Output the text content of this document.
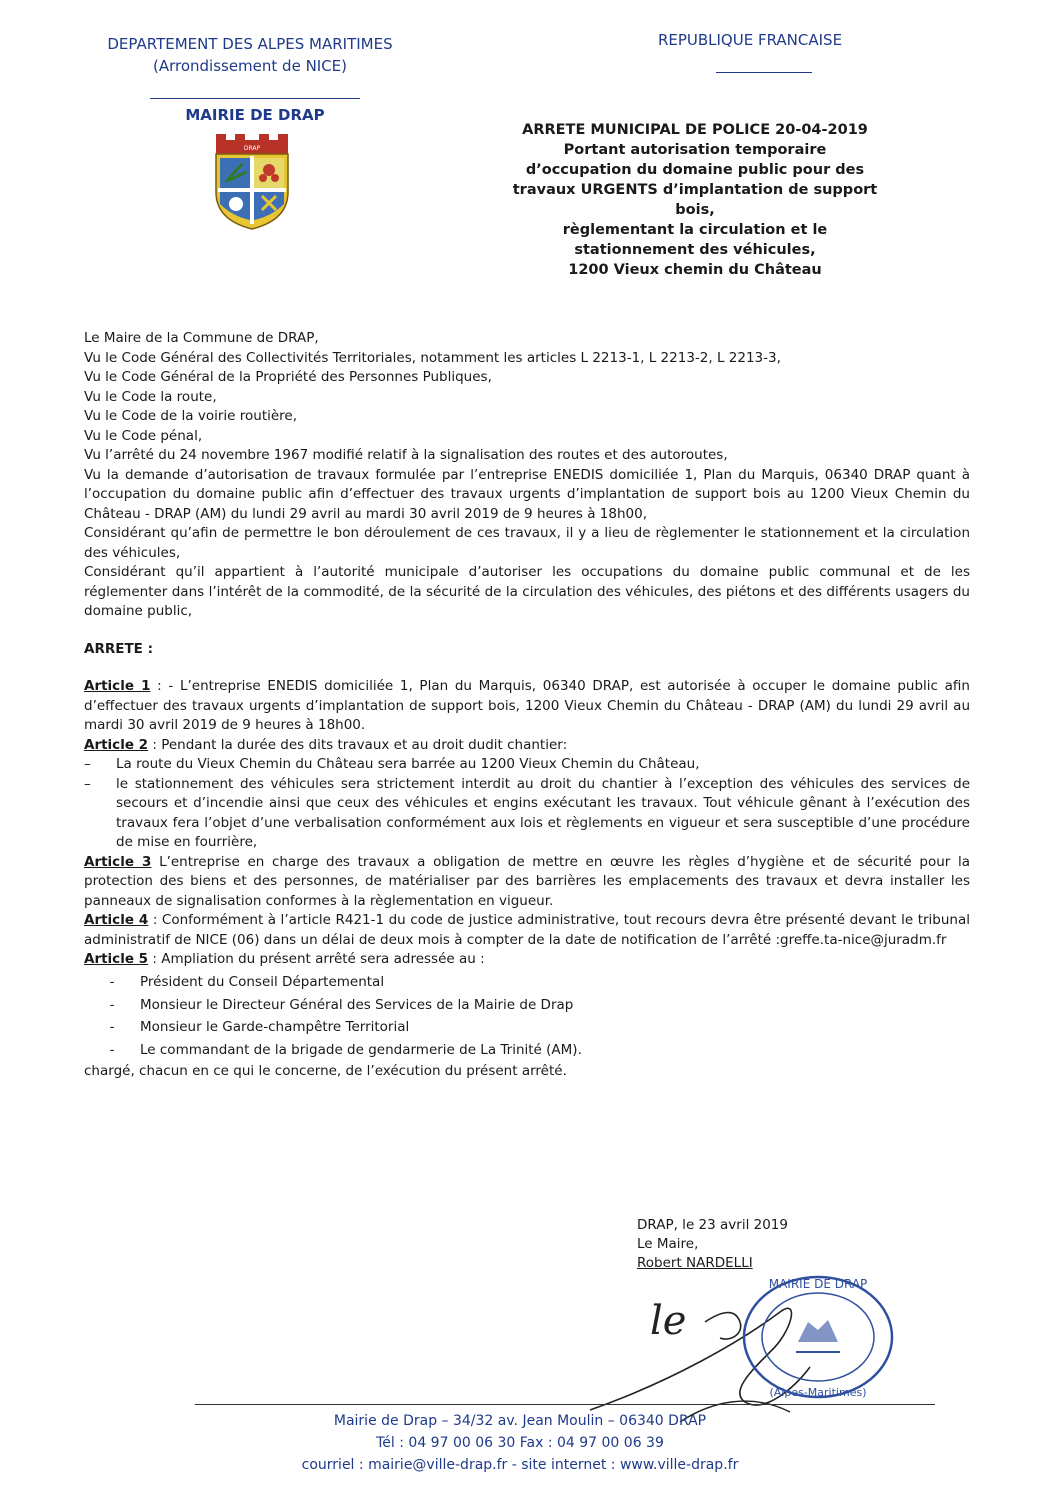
DEPARTEMENT DES ALPES MARITIMES
(Arrondissement de NICE)
REPUBLIQUE FRANCAISE
MAIRIE DE DRAP
DRAP
ARRETE MUNICIPAL DE POLICE 20-04-2019
Portant autorisation temporaire
d’occupation du domaine public pour des
travaux URGENTS d’implantation de support
bois,
règlementant la circulation et le
stationnement des véhicules,
1200 Vieux chemin du Château

Le Maire de la Commune de DRAP,

Vu le Code Général des Collectivités Territoriales, notamment les articles L 2213-1, L 2213-2, L 2213-3,

Vu le Code Général de la Propriété des Personnes Publiques,

Vu le Code la route,

Vu le Code de la voirie routière,

Vu le Code pénal,

Vu l’arrêté du 24 novembre 1967 modifié relatif à la signalisation des routes et des autoroutes,

Vu la demande d’autorisation de travaux formulée par l’entreprise ENEDIS domiciliée 1, Plan du Marquis, 06340 DRAP quant à l’occupation du domaine public afin d’effectuer des travaux urgents d’implantation de support bois au 1200 Vieux Chemin du Château - DRAP (AM) du lundi 29 avril au mardi 30 avril 2019 de 9 heures à 18h00,

Considérant qu’afin de permettre le bon déroulement de ces travaux, il y a lieu de règlementer le stationnement et la circulation des véhicules,

Considérant qu’il appartient à l’autorité municipale d’autoriser les occupations du domaine public communal et de les réglementer dans l’intérêt de la commodité, de la sécurité de la circulation des véhicules, des piétons et des différents usagers du domaine public,

ARRETE :

Article 1 : - L’entreprise ENEDIS domiciliée 1, Plan du Marquis, 06340 DRAP, est autorisée à occuper le domaine public afin d’effectuer des travaux urgents d’implantation de support bois, 1200 Vieux Chemin du Château - DRAP (AM) du lundi 29 avril au mardi 30 avril 2019 de 9 heures à 18h00.

Article 2 : Pendant la durée des dits travaux et au droit dudit chantier:

– La route du Vieux Chemin du Château sera barrée au 1200 Vieux Chemin du Château,

– le stationnement des véhicules sera strictement interdit au droit du chantier à l’exception des véhicules des services de secours et d’incendie ainsi que ceux des véhicules et engins exécutant les travaux. Tout véhicule gênant à l’exécution des travaux fera l’objet d’une verbalisation conformément aux lois et règlements en vigueur et sera susceptible d’une procédure de mise en fourrière,

Article 3 L’entreprise en charge des travaux a obligation de mettre en œuvre les règles d’hygiène et de sécurité pour la protection des biens et des personnes, de matérialiser par des barrières les emplacements des travaux et devra installer les panneaux de signalisation conformes à la règlementation en vigueur.

Article 4 : Conformément à l’article R421-1 du code de justice administrative, tout recours devra être présenté devant le tribunal administratif de NICE (06) dans un délai de deux mois à compter de la date de notification de l’arrêté :greffe.ta-nice@juradm.fr

Article 5 : Ampliation du présent arrêté sera adressée au :

-	Président du Conseil Départemental
-	Monsieur le Directeur Général des Services de la Mairie de Drap
-	Monsieur le Garde-champêtre Territorial
-	Le commandant de la brigade de gendarmerie de La Trinité (AM).

chargé, chacun en ce qui le concerne, de l’exécution du présent arrêté.

DRAP, le 23 avril 2019
Le Maire,
Robert NARDELLI
le
MAIRIE DE DRAP
(Alpes-Maritimes)
Mairie de Drap – 34/32 av. Jean Moulin – 06340 DRAP
Tél : 04 97 00 06 30 Fax : 04 97 00 06 39
courriel : mairie@ville-drap.fr - site internet : www.ville-drap.fr
